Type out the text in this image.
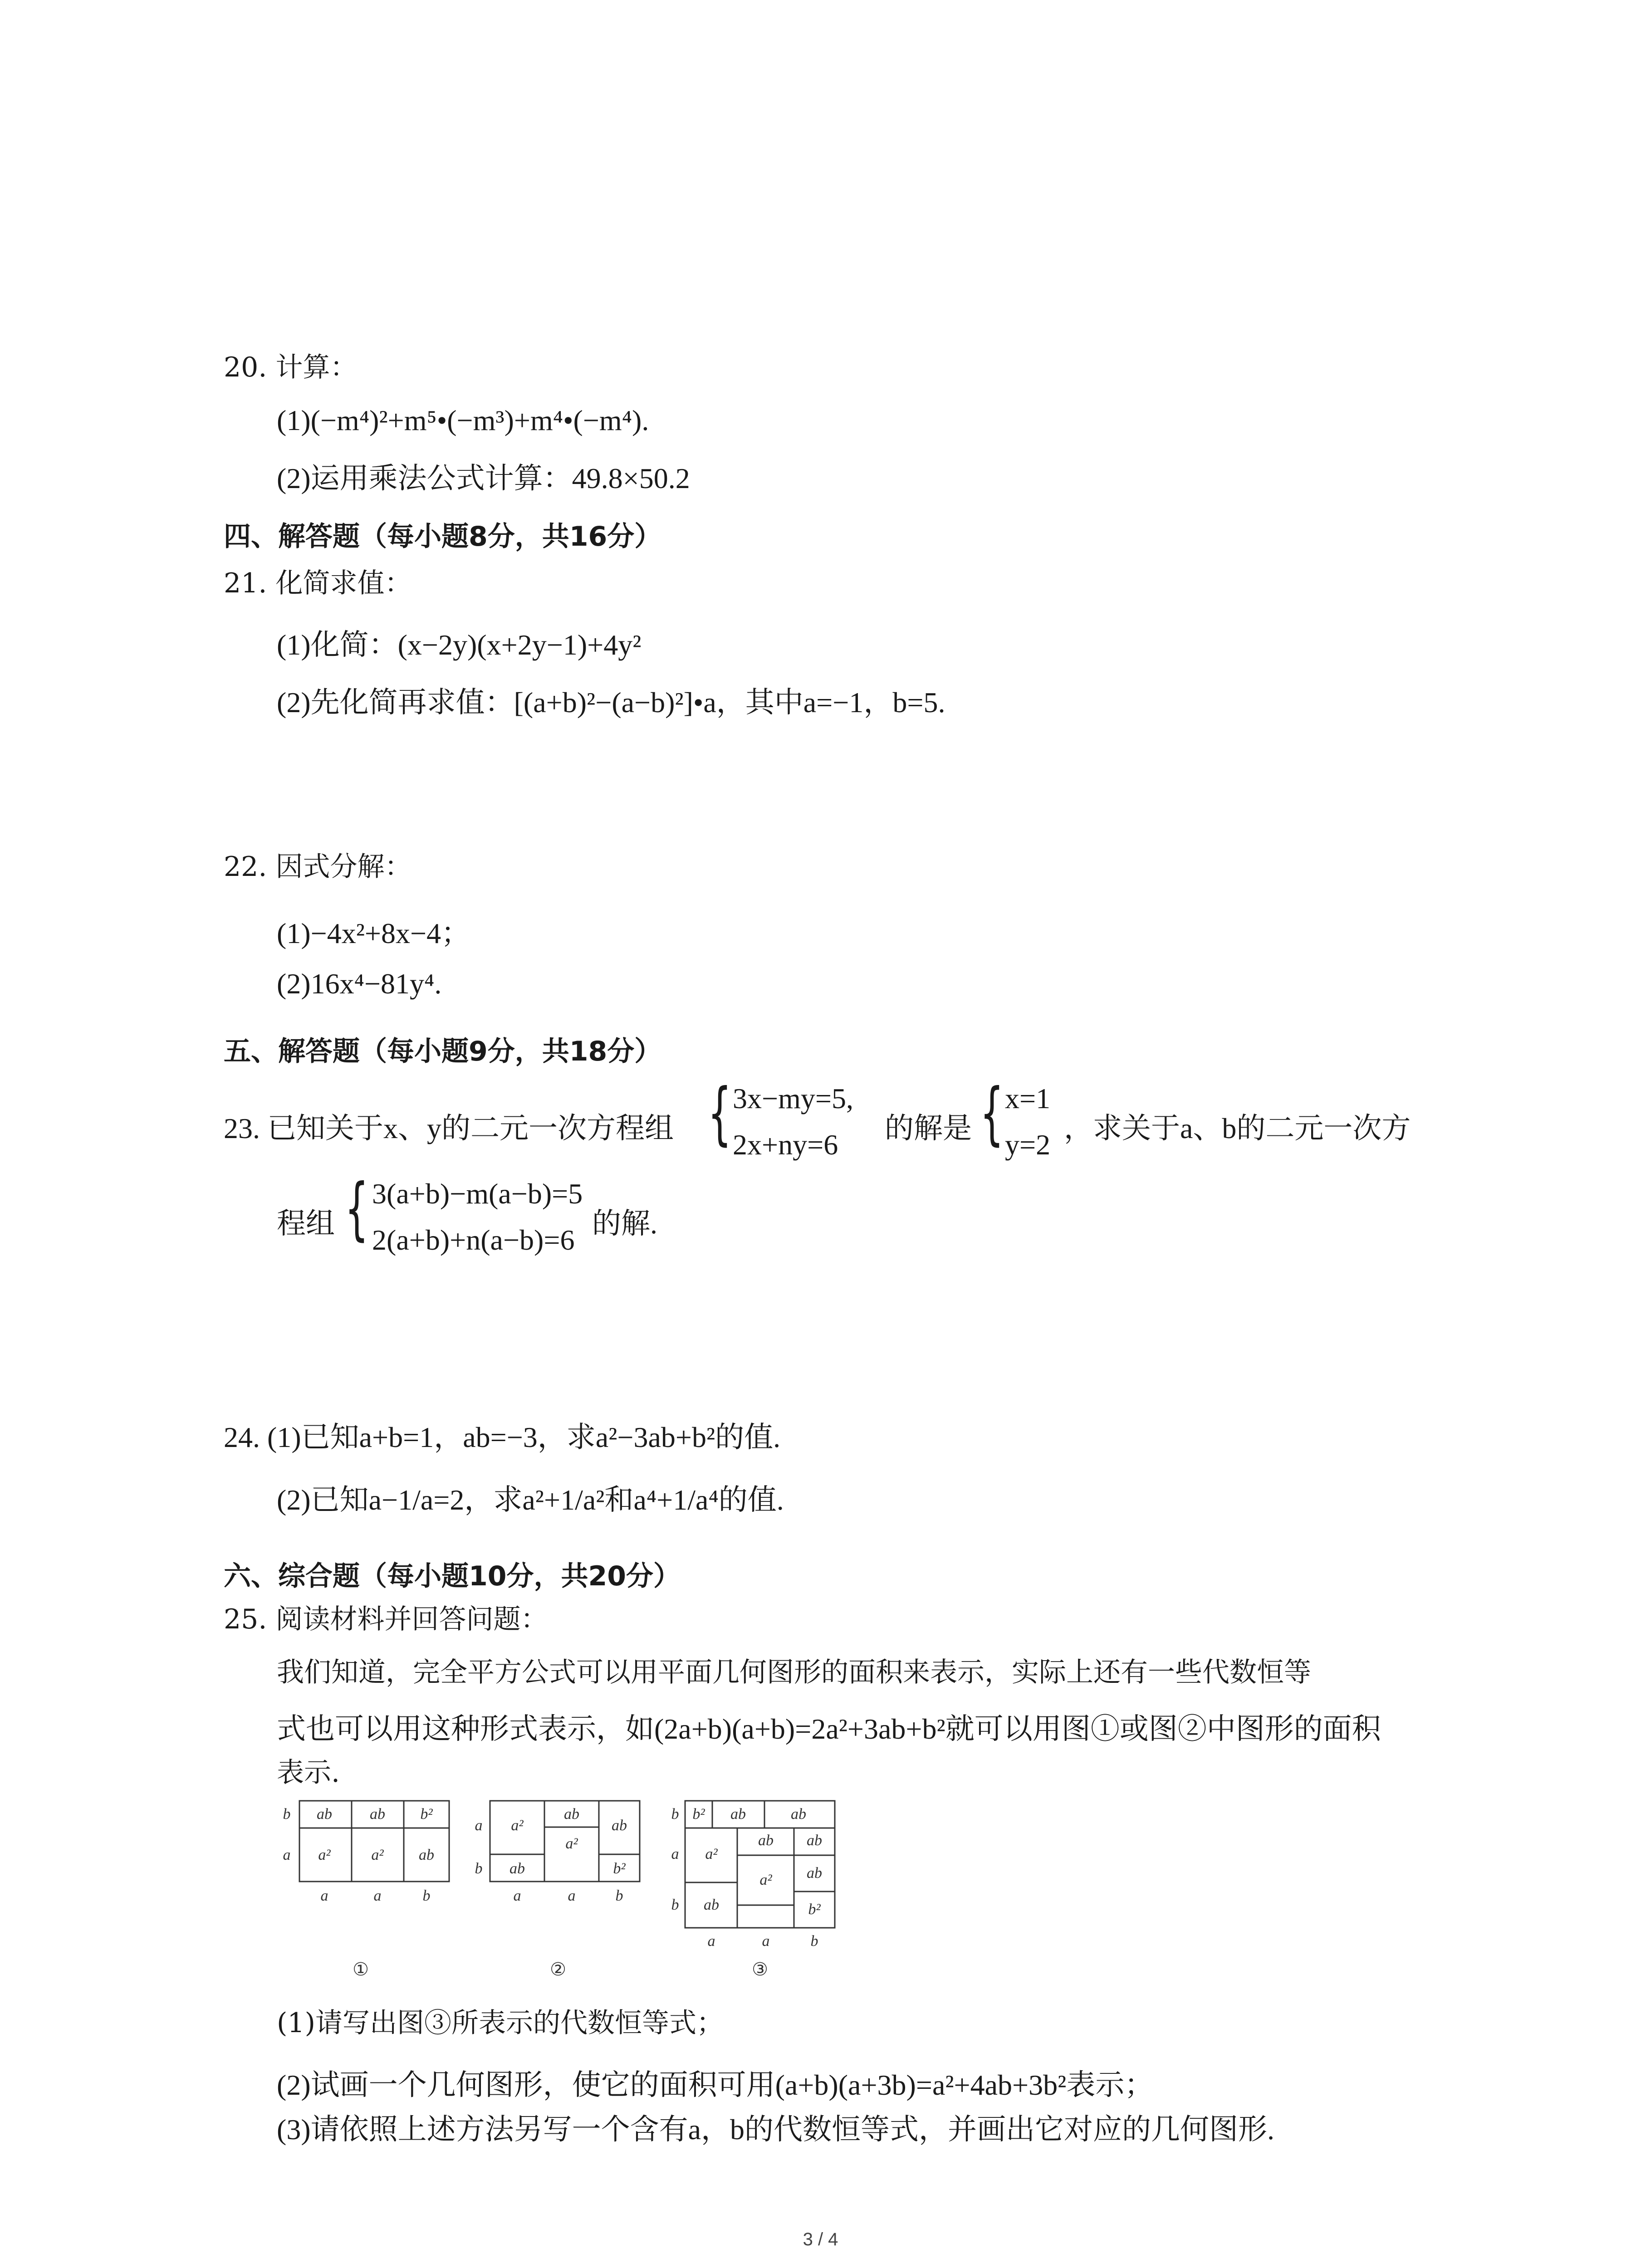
20. 计算：
(1)(−m⁴)²+m⁵•(−m³)+m⁴•(−m⁴).
(2)运用乘法公式计算：49.8×50.2
四、解答题（每小题8分，共16分）
21. 化简求值：
(1)化简：(x−2y)(x+2y−1)+4y²
(2)先化简再求值：[(a+b)²−(a−b)²]•a，其中a=−1，b=5.
22. 因式分解：
(1)−4x²+8x−4；
(2)16x⁴−81y⁴.
五、解答题（每小题9分，共18分）
23. 已知关于x、y的二元一次方程组 { 3x−my=5,
2x+ny=6
的解是 { x=1
y=2
，求关于a、b的二元一次方
程组 { 3(a+b)−m(a−b)=5
2(a+b)+n(a−b)=6
的解.
24. (1)已知a+b=1，ab=−3，求a²−3ab+b²的值.
(2)已知a−1/a=2，求a²+1/a²和a⁴+1/a⁴的值.
六、综合题（每小题10分，共20分）
25. 阅读材料并回答问题：
我们知道，完全平方公式可以用平面几何图形的面积来表示，实际上还有一些代数恒等
式也可以用这种形式表示，如(2a+b)(a+b)=2a²+3ab+b²就可以用图①或图②中图形的面积
表示.
ab ab b²
a²	a² ab
b
a
a	a	b
a²
ab
a²
ab
ab	b²
a
b
a	a	b
b² ab	ab
a²
ab ab
a² ab
ab	b²
b
a
b
a	a	b
①	②	③
(1)请写出图③所表示的代数恒等式；
(2)试画一个几何图形，使它的面积可用(a+b)(a+3b)=a²+4ab+3b²表示；
(3)请依照上述方法另写一个含有a，b的代数恒等式，并画出它对应的几何图形.
3 / 4
